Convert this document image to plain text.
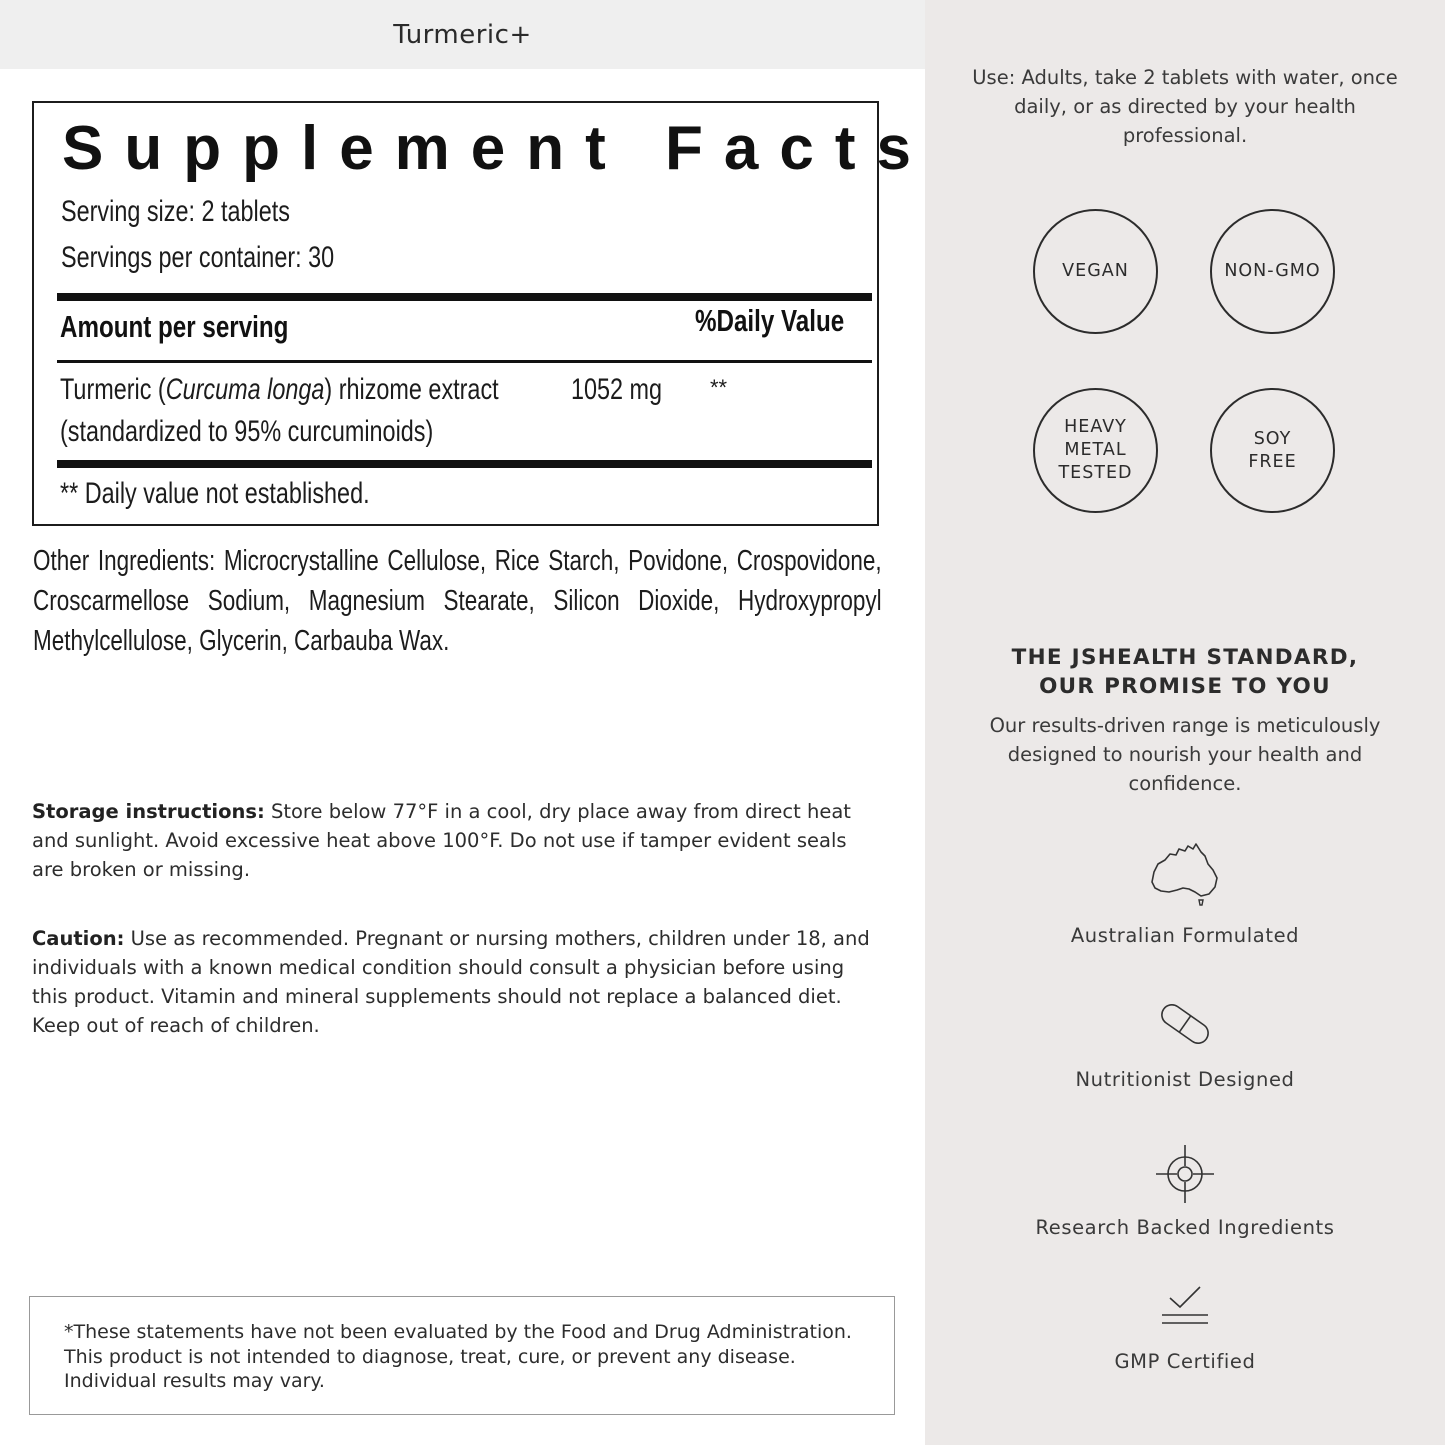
Turmeric+
Supplement Facts
Serving size: 2 tablets
Servings per container: 30
Amount per serving	%Daily Value
Turmeric (Curcuma longa) rhizome extract
(standardized to 95% curcuminoids)
1052 mg **
** Daily value not established.
Other Ingredients: Microcrystalline Cellulose, Rice Starch, Povidone, Crospovidone, Croscarmellose Sodium, Magnesium Stearate, Silicon Dioxide, Hydroxypropyl Methylcellulose, Glycerin, Carbauba Wax.
Storage instructions: Store below 77°F in a cool, dry place away from direct heat and sunlight. Avoid excessive heat above 100°F. Do not use if tamper evident seals are broken or missing.
Caution: Use as recommended. Pregnant or nursing mothers, children under 18, and individuals with a known medical condition should consult a physician before using this product. Vitamin and mineral supplements should not replace a balanced diet. Keep out of reach of children.
*These statements have not been evaluated by the Food and Drug Administration. This product is not intended to diagnose, treat, cure, or prevent any disease. Individual results may vary.
Use: Adults, take 2 tablets with water, once daily, or as directed by your health professional.
VEGAN	NON-GMO
HEAVY
METAL
TESTED
SOY
FREE
THE JSHEALTH STANDARD,
OUR PROMISE TO YOU
Our results-driven range is meticulously designed to nourish your health and confidence.
Australian Formulated
Nutritionist Designed
Research Backed Ingredients
GMP Certified
